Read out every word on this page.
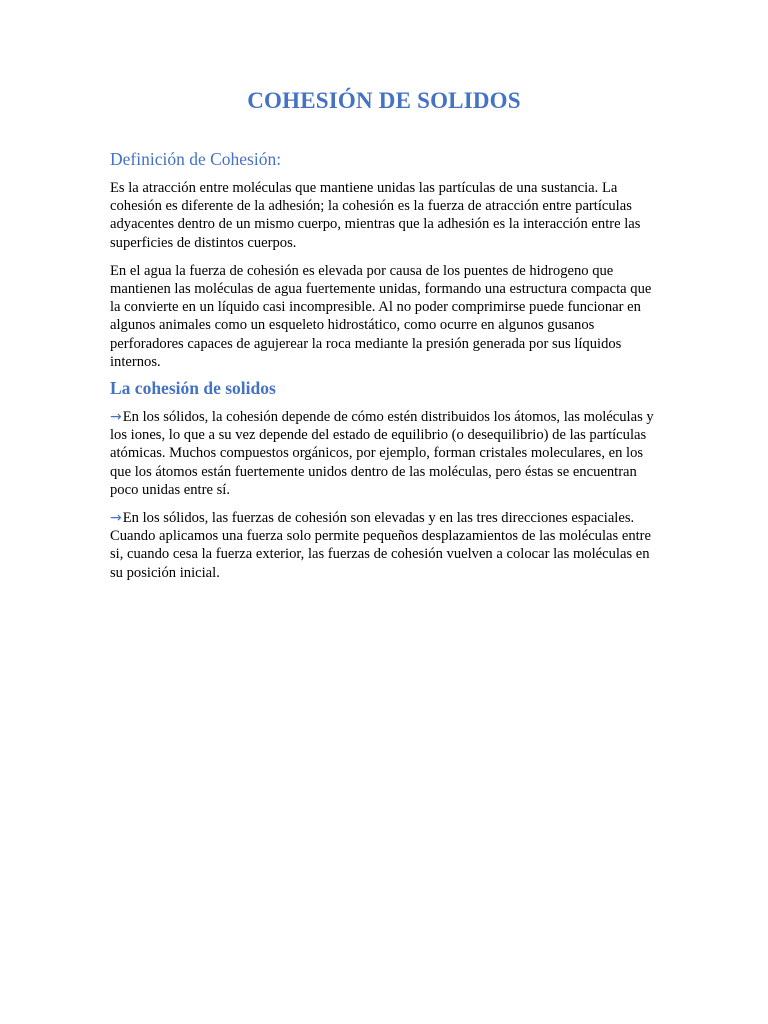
COHESIÓN DE SOLIDOS
Definición de Cohesión:

Es la atracción entre moléculas que mantiene unidas las partículas de una sustancia. La cohesión es diferente de la adhesión; la cohesión es la fuerza de atracción entre partículas adyacentes dentro de un mismo cuerpo, mientras que la adhesión es la interacción entre las superficies de distintos cuerpos.

En el agua la fuerza de cohesión es elevada por causa de los puentes de hidrogeno que mantienen las moléculas de agua fuertemente unidas, formando una estructura compacta que la convierte en un líquido casi incompresible. Al no poder comprimirse puede funcionar en algunos animales como un esqueleto hidrostático, como ocurre en algunos gusanos perforadores capaces de agujerear la roca mediante la presión generada por sus líquidos internos.

La cohesión de solidos

→En los sólidos, la cohesión depende de cómo estén distribuidos los átomos, las moléculas y los iones, lo que a su vez depende del estado de equilibrio (o desequilibrio) de las partículas atómicas. Muchos compuestos orgánicos, por ejemplo, forman cristales moleculares, en los que los átomos están fuertemente unidos dentro de las moléculas, pero éstas se encuentran poco unidas entre sí.

→En los sólidos, las fuerzas de cohesión son elevadas y en las tres direcciones espaciales. Cuando aplicamos una fuerza solo permite pequeños desplazamientos de las moléculas entre si, cuando cesa la fuerza exterior, las fuerzas de cohesión vuelven a colocar las moléculas en su posición inicial.
